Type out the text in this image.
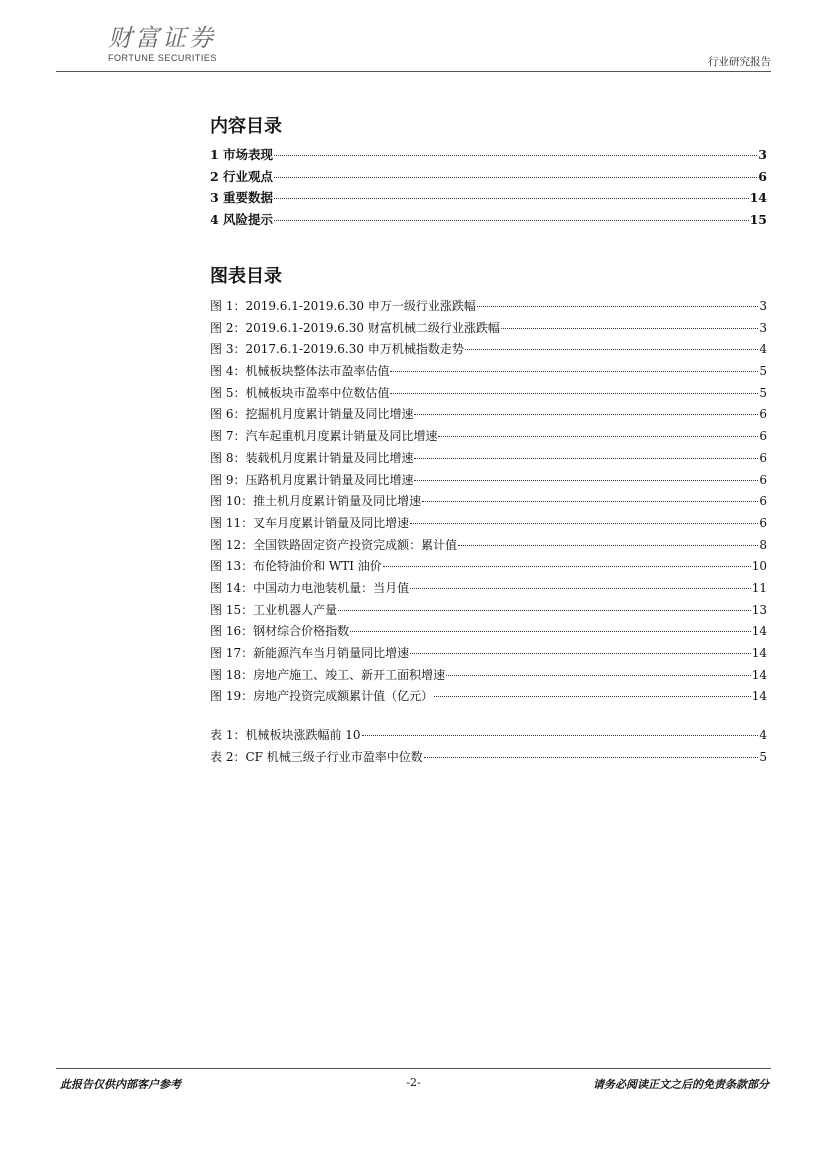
财富证券
FORTUNE SECURITIES	行业研究报告
内容目录
1 市场表现	3
2 行业观点	6
3 重要数据	14
4 风险提示	15
图表目录
图 1：2019.6.1-2019.6.30 申万一级行业涨跌幅	3
图 2：2019.6.1-2019.6.30 财富机械二级行业涨跌幅	3
图 3：2017.6.1-2019.6.30 申万机械指数走势	4
图 4：机械板块整体法市盈率估值	5
图 5：机械板块市盈率中位数估值	5
图 6：挖掘机月度累计销量及同比增速	6
图 7：汽车起重机月度累计销量及同比增速	6
图 8：装载机月度累计销量及同比增速	6
图 9：压路机月度累计销量及同比增速	6
图 10：推土机月度累计销量及同比增速	6
图 11：叉车月度累计销量及同比增速	6
图 12：全国铁路固定资产投资完成额：累计值	8
图 13：布伦特油价和 WTI 油价	10
图 14：中国动力电池装机量：当月值	11
图 15：工业机器人产量	13
图 16：钢材综合价格指数	14
图 17：新能源汽车当月销量同比增速	14
图 18：房地产施工、竣工、新开工面积增速	14
图 19：房地产投资完成额累计值（亿元）	14
表 1：机械板块涨跌幅前 10	4
表 2：CF 机械三级子行业市盈率中位数	5
此报告仅供内部客户参考	-2-	请务必阅读正文之后的免责条款部分
